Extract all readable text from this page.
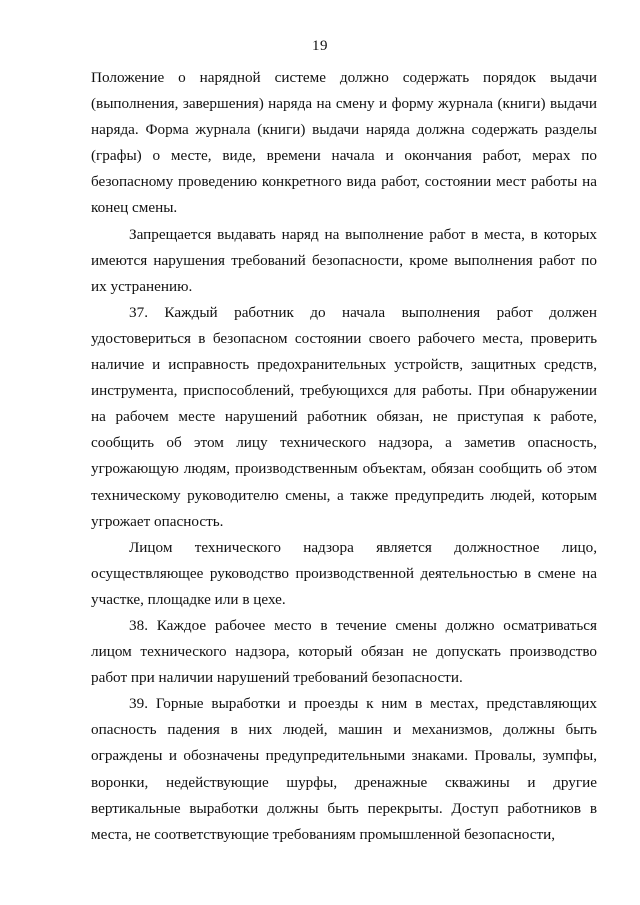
19

Положение о нарядной системе должно содержать порядок выдачи (выполнения, завершения) наряда на смену и форму журнала (книги) выдачи наряда. Форма журнала (книги) выдачи наряда должна содержать разделы (графы) о месте, виде, времени начала и окончания работ, мерах по безопасному проведению конкретного вида работ, состоянии мест работы на конец смены.

Запрещается выдавать наряд на выполнение работ в места, в которых имеются нарушения требований безопасности, кроме выполнения работ по их устранению.

37. Каждый работник до начала выполнения работ должен удостовериться в безопасном состоянии своего рабочего места, проверить наличие и исправность предохранительных устройств, защитных средств, инструмента, приспособлений, требующихся для работы. При обнаружении на рабочем месте нарушений работник обязан, не приступая к работе, сообщить об этом лицу технического надзора, а заметив опасность, угрожающую людям, производственным объектам, обязан сообщить об этом техническому руководителю смены, а также предупредить людей, которым угрожает опасность.

Лицом технического надзора является должностное лицо, осуществляющее руководство производственной деятельностью в смене на участке, площадке или в цехе.

38. Каждое рабочее место в течение смены должно осматриваться лицом технического надзора, который обязан не допускать производство работ при наличии нарушений требований безопасности.

39. Горные выработки и проезды к ним в местах, представляющих опасность падения в них людей, машин и механизмов, должны быть ограждены и обозначены предупредительными знаками. Провалы, зумпфы, воронки, недействующие шурфы, дренажные скважины и другие вертикальные выработки должны быть перекрыты. Доступ работников в места, не соответствующие требованиям промышленной безопасности,
